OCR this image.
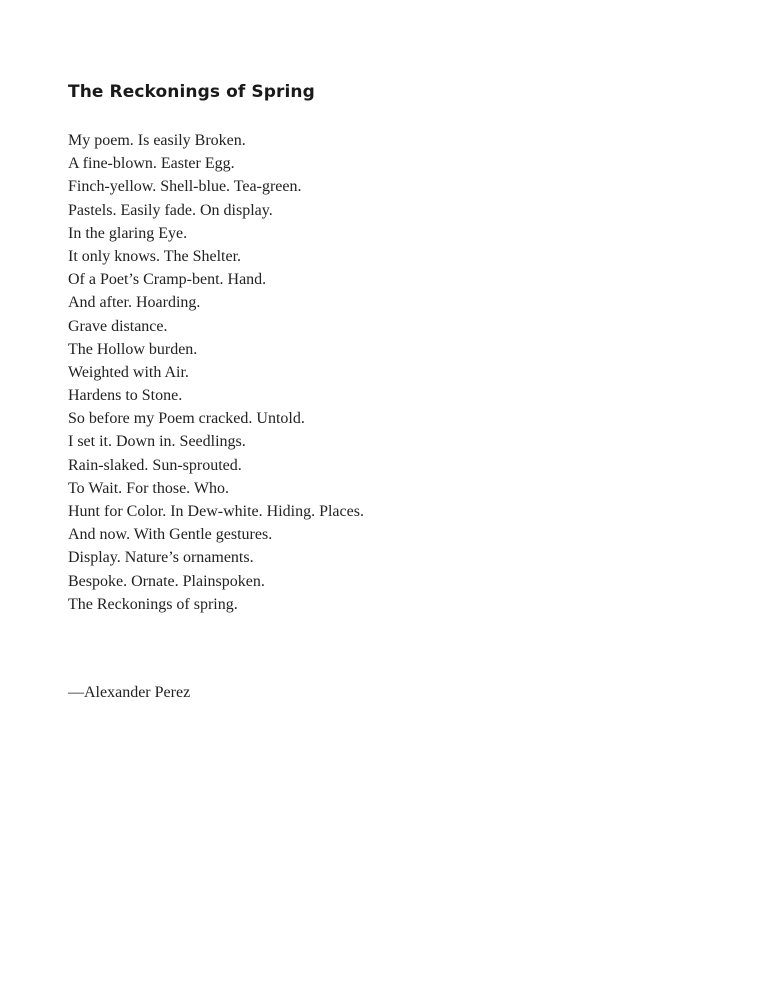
The Reckonings of Spring
My poem. Is easily Broken.
A fine-blown. Easter Egg.
Finch-yellow. Shell-blue. Tea-green.
Pastels. Easily fade. On display.
In the glaring Eye.
It only knows. The Shelter.
Of a Poet’s Cramp-bent. Hand.
And after. Hoarding.
Grave distance.
The Hollow burden.
Weighted with Air.
Hardens to Stone.
So before my Poem cracked. Untold.
I set it. Down in. Seedlings.
Rain-slaked. Sun-sprouted.
To Wait. For those. Who.
Hunt for Color. In Dew-white. Hiding. Places.
And now. With Gentle gestures.
Display. Nature’s ornaments.
Bespoke. Ornate. Plainspoken.
The Reckonings of spring.

—Alexander Perez
